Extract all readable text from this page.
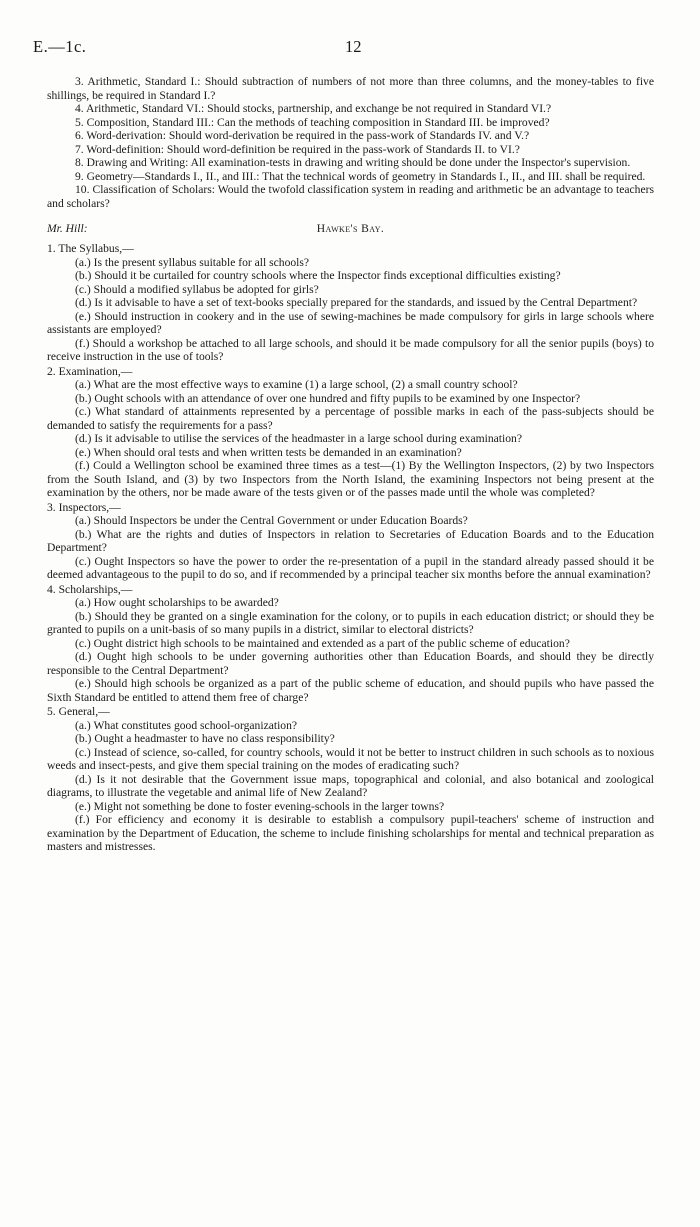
E.—1c.	12

3. Arithmetic, Standard I.: Should subtraction of numbers of not more than three columns, and the money-tables to five shillings, be required in Standard I.?

4. Arithmetic, Standard VI.: Should stocks, partnership, and exchange be not required in Standard VI.?

5. Composition, Standard III.: Can the methods of teaching composition in Standard III. be improved?

6. Word-derivation: Should word-derivation be required in the pass-work of Standards IV. and V.?

7. Word-definition: Should word-definition be required in the pass-work of Standards II. to VI.?

8. Drawing and Writing: All examination-tests in drawing and writing should be done under the Inspector's supervision.

9. Geometry—Standards I., II., and III.: That the technical words of geometry in Standards I., II., and III. shall be required.

10. Classification of Scholars: Would the twofold classification system in reading and arithmetic be an advantage to teachers and scholars?

Mr. Hill:	Hawke's Bay.

1. The Syllabus,—

(a.) Is the present syllabus suitable for all schools?

(b.) Should it be curtailed for country schools where the Inspector finds exceptional difficulties existing?

(c.) Should a modified syllabus be adopted for girls?

(d.) Is it advisable to have a set of text-books specially prepared for the standards, and issued by the Central Department?

(e.) Should instruction in cookery and in the use of sewing-machines be made compulsory for girls in large schools where assistants are employed?

(f.) Should a workshop be attached to all large schools, and should it be made compulsory for all the senior pupils (boys) to receive instruction in the use of tools?

2. Examination,—

(a.) What are the most effective ways to examine (1) a large school, (2) a small country school?

(b.) Ought schools with an attendance of over one hundred and fifty pupils to be examined by one Inspector?

(c.) What standard of attainments represented by a percentage of possible marks in each of the pass-subjects should be demanded to satisfy the requirements for a pass?

(d.) Is it advisable to utilise the services of the headmaster in a large school during examination?

(e.) When should oral tests and when written tests be demanded in an examination?

(f.) Could a Wellington school be examined three times as a test—(1) By the Wellington Inspectors, (2) by two Inspectors from the South Island, and (3) by two Inspectors from the North Island, the examining Inspectors not being present at the examination by the others, nor be made aware of the tests given or of the passes made until the whole was completed?

3. Inspectors,—

(a.) Should Inspectors be under the Central Government or under Education Boards?

(b.) What are the rights and duties of Inspectors in relation to Secretaries of Education Boards and to the Education Department?

(c.) Ought Inspectors so have the power to order the re-presentation of a pupil in the standard already passed should it be deemed advantageous to the pupil to do so, and if recommended by a principal teacher six months before the annual examination?

4. Scholarships,—

(a.) How ought scholarships to be awarded?

(b.) Should they be granted on a single examination for the colony, or to pupils in each education district; or should they be granted to pupils on a unit-basis of so many pupils in a district, similar to electoral districts?

(c.) Ought district high schools to be maintained and extended as a part of the public scheme of education?

(d.) Ought high schools to be under governing authorities other than Education Boards, and should they be directly responsible to the Central Department?

(e.) Should high schools be organized as a part of the public scheme of education, and should pupils who have passed the Sixth Standard be entitled to attend them free of charge?

5. General,—

(a.) What constitutes good school-organization?

(b.) Ought a headmaster to have no class responsibility?

(c.) Instead of science, so-called, for country schools, would it not be better to instruct children in such schools as to noxious weeds and insect-pests, and give them special training on the modes of eradicating such?

(d.) Is it not desirable that the Government issue maps, topographical and colonial, and also botanical and zoological diagrams, to illustrate the vegetable and animal life of New Zealand?

(e.) Might not something be done to foster evening-schools in the larger towns?

(f.) For efficiency and economy it is desirable to establish a compulsory pupil-teachers' scheme of instruction and examination by the Department of Education, the scheme to include finishing scholarships for mental and technical preparation as masters and mistresses.
